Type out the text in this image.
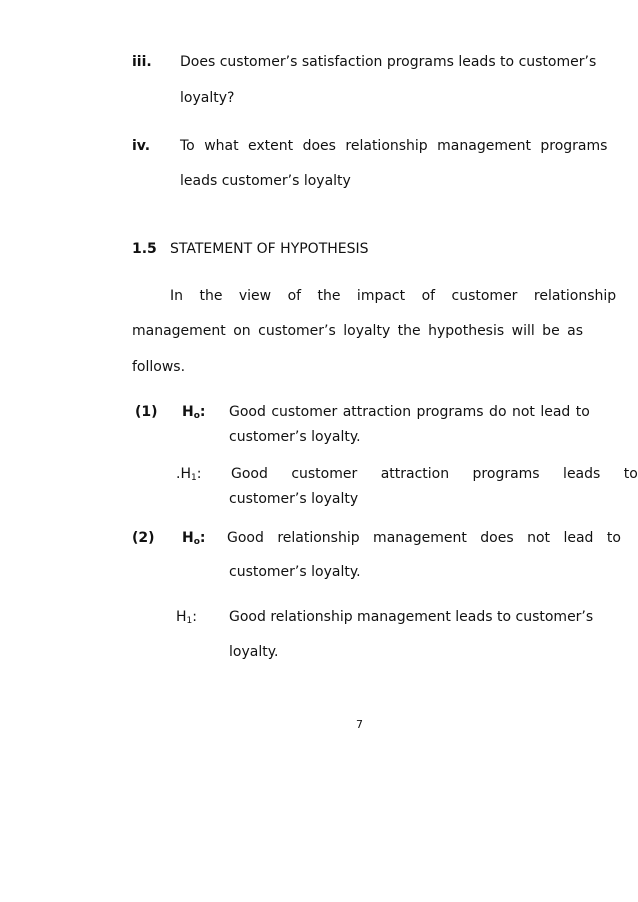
iii. Does customer’s satisfaction programs leads to customer’s
loyalty?
iv. To what extent does relationship management programs
leads customer’s loyalty
1.5 STATEMENT OF HYPOTHESIS
In the view of the impact of customer relationship
management on customer’s loyalty the hypothesis will be as
follows.
(1) $H_o$: Good customer attraction programs do not lead to
customer’s loyalty.
$.H_1$: Good customer attraction programs leads to
customer’s loyalty
(2) $H_o$: Good relationship management does not lead to
customer’s loyalty.
$H_1$: Good relationship management leads to customer’s
loyalty.
7
